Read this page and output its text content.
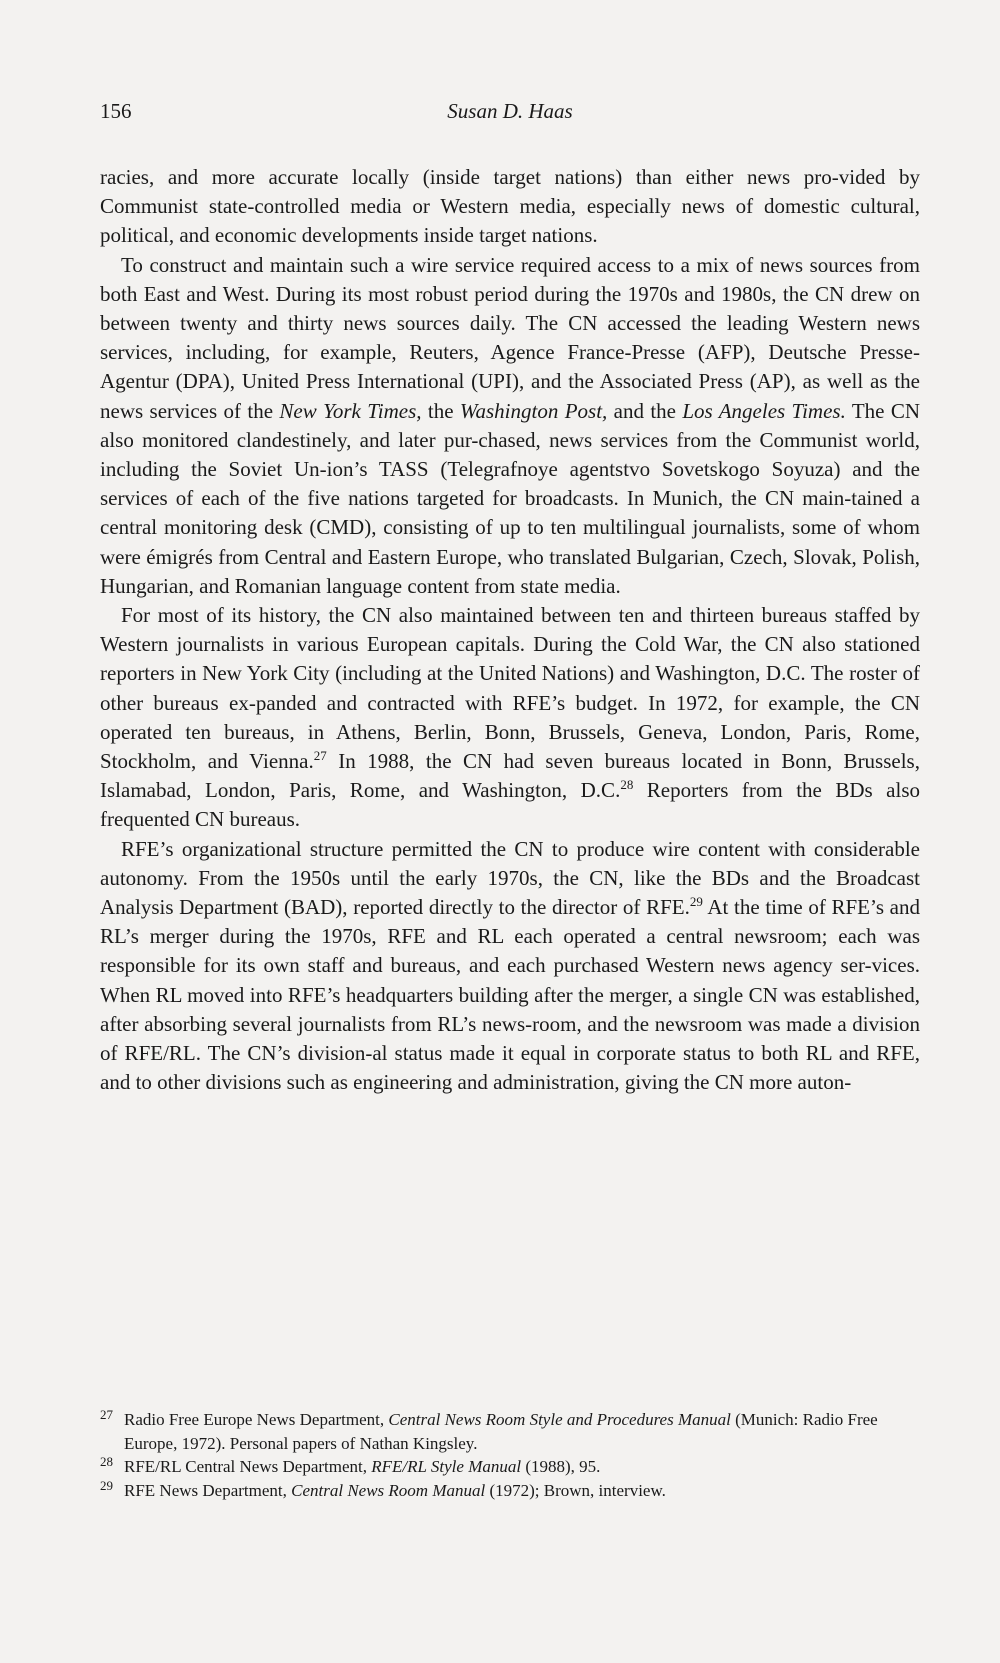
156	Susan D. Haas

racies, and more accurate locally (inside target nations) than either news pro-vided by Communist state-controlled media or Western media, especially news of domestic cultural, political, and economic developments inside target nations.

To construct and maintain such a wire service required access to a mix of news sources from both East and West. During its most robust period during the 1970s and 1980s, the CN drew on between twenty and thirty news sources daily. The CN accessed the leading Western news services, including, for example, Reuters, Agence France-Presse (AFP), Deutsche Presse-Agentur (DPA), United Press International (UPI), and the Associated Press (AP), as well as the news services of the New York Times, the Washington Post, and the Los Angeles Times. The CN also monitored clandestinely, and later pur-chased, news services from the Communist world, including the Soviet Un-ion’s TASS (Telegrafnoye agentstvo Sovetskogo Soyuza) and the services of each of the five nations targeted for broadcasts. In Munich, the CN main-tained a central monitoring desk (CMD), consisting of up to ten multilingual journalists, some of whom were émigrés from Central and Eastern Europe, who translated Bulgarian, Czech, Slovak, Polish, Hungarian, and Romanian language content from state media.

For most of its history, the CN also maintained between ten and thirteen bureaus staffed by Western journalists in various European capitals. During the Cold War, the CN also stationed reporters in New York City (including at the United Nations) and Washington, D.C. The roster of other bureaus ex-panded and contracted with RFE’s budget. In 1972, for example, the CN operated ten bureaus, in Athens, Berlin, Bonn, Brussels, Geneva, London, Paris, Rome, Stockholm, and Vienna.$^{27}$ In 1988, the CN had seven bureaus located in Bonn, Brussels, Islamabad, London, Paris, Rome, and Washington, D.C.$^{28}$ Reporters from the BDs also frequented CN bureaus.

RFE’s organizational structure permitted the CN to produce wire content with considerable autonomy. From the 1950s until the early 1970s, the CN, like the BDs and the Broadcast Analysis Department (BAD), reported directly to the director of RFE.$^{29}$ At the time of RFE’s and RL’s merger during the 1970s, RFE and RL each operated a central newsroom; each was responsible for its own staff and bureaus, and each purchased Western news agency ser-vices. When RL moved into RFE’s headquarters building after the merger, a single CN was established, after absorbing several journalists from RL’s news-room, and the newsroom was made a division of RFE/RL. The CN’s division-al status made it equal in corporate status to both RL and RFE, and to other divisions such as engineering and administration, giving the CN more auton-

27 Radio Free Europe News Department, Central News Room Style and Procedures Manual (Munich: Radio Free Europe, 1972). Personal papers of Nathan Kingsley.
28 RFE/RL Central News Department, RFE/RL Style Manual (1988), 95.
29 RFE News Department, Central News Room Manual (1972); Brown, interview.
